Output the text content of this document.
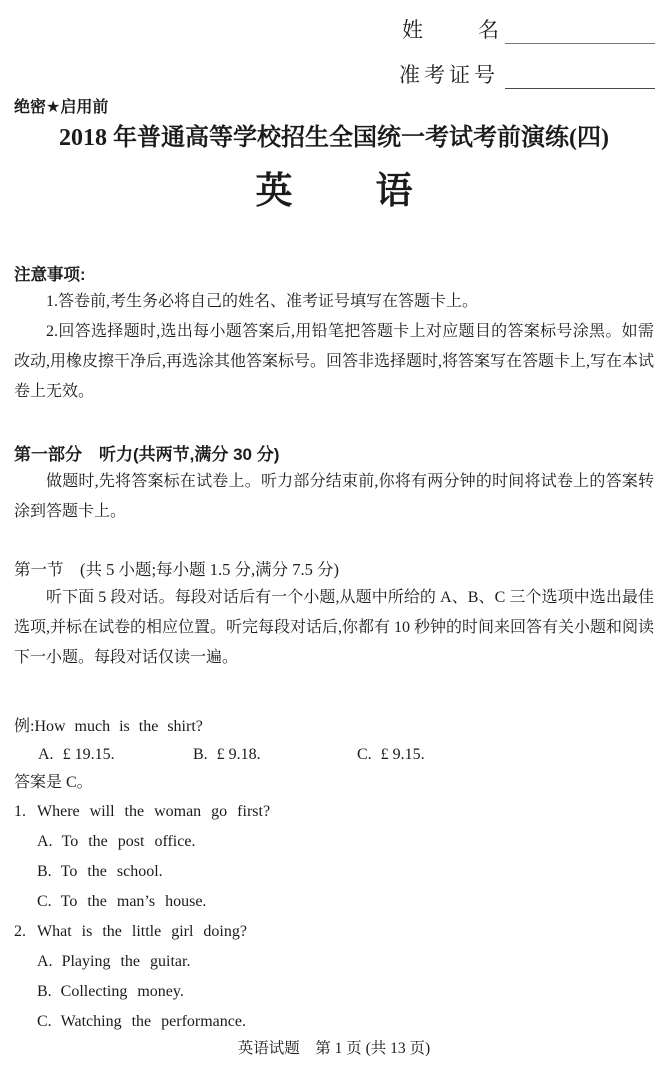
姓名
准考证号
绝密★启用前
2018 年普通高等学校招生全国统一考试考前演练(四)
英语
注意事项:

1.答卷前,考生务必将自己的姓名、准考证号填写在答题卡上。

2.回答选择题时,选出每小题答案后,用铅笔把答题卡上对应题目的答案标号涂黑。如需改动,用橡皮擦干净后,再选涂其他答案标号。回答非选择题时,将答案写在答题卡上,写在本试卷上无效。

第一部分　听力(共两节,满分 30 分)

做题时,先将答案标在试卷上。听力部分结束前,你将有两分钟的时间将试卷上的答案转涂到答题卡上。

第一节　(共 5 小题;每小题 1.5 分,满分 7.5 分)

听下面 5 段对话。每段对话后有一个小题,从题中所给的 A、B、C 三个选项中选出最佳选项,并标在试卷的相应位置。听完每段对话后,你都有 10 秒钟的时间来回答有关小题和阅读下一小题。每段对话仅读一遍。

例:How much is the shirt?
A. £ 19.15.	B. £ 9.18.	C. £ 9.15.
答案是 C。
1. Where will the woman go first?
A. To the post office.
B. To the school.
C. To the man’s house.
2. What is the little girl doing?
A. Playing the guitar.
B. Collecting money.
C. Watching the performance.
英语试题　第 1 页 (共 13 页)
